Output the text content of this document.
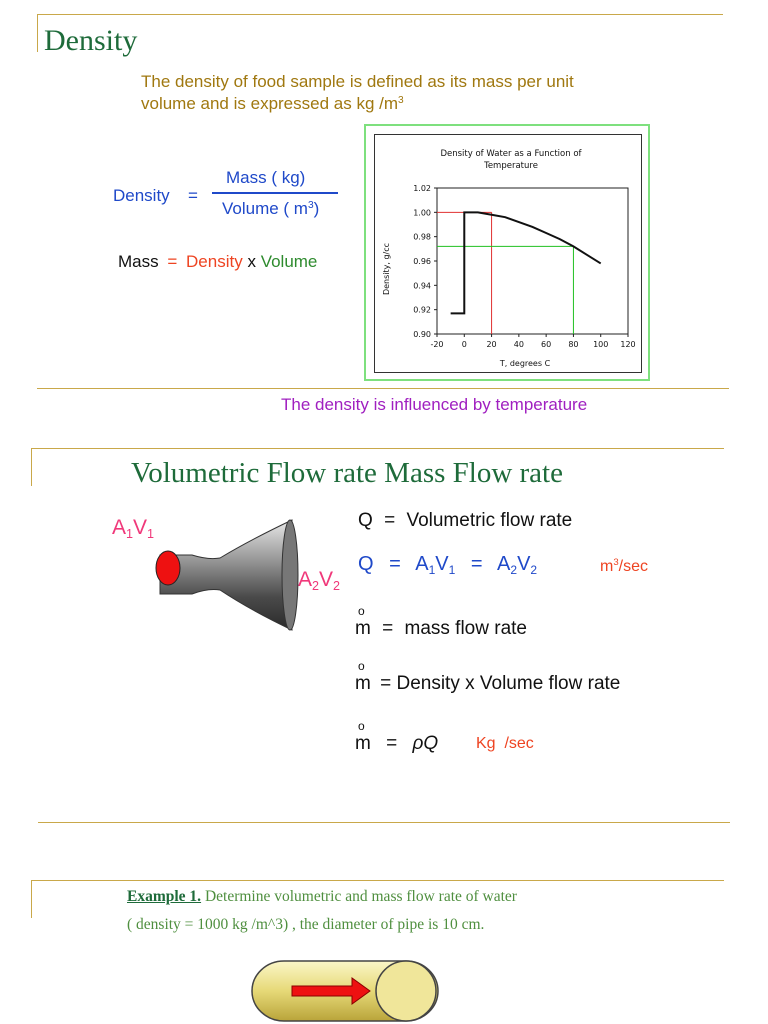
Density
The density of food sample is defined as its mass per unit
volume and is expressed as kg $/m^3$
Density =
Mass ( kg)
Volume ( $m^3$)
Mass = Density x Volume
Density of Water as a Function of
Temperature
T, degrees C
Density, g/cc
-20 0 20 40 60 80 100 120
0.90
0.92
0.94
0.96
0.98
1.00
1.02
The density is influenced by temperature
Volumetric Flow rate Mass Flow rate
$A_1V_1$
$A_2V_2$
Q = Volumetric flow rate
$Q = A_1V_1 = A_2V_2$	$m^3/\sec$
o
m = mass flow rate
o
m = Density x Volume flow rate
o
m = ρQ Kg  /sec
Example 1. Determine volumetric and mass flow rate of water
( density = 1000 kg /m^3) , the diameter of pipe is 10 cm.
